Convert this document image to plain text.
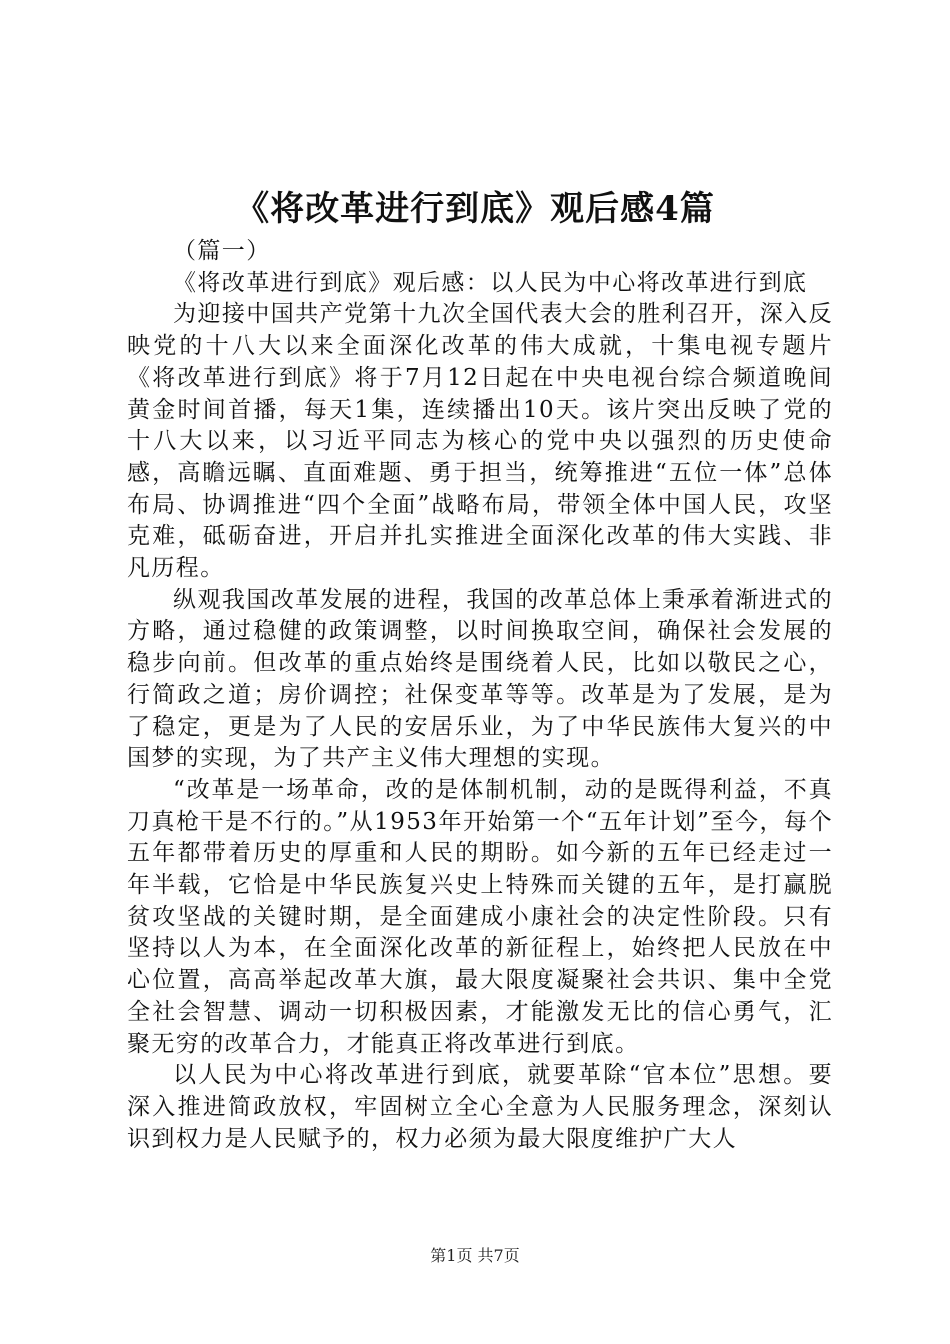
《将改革进行到底》观后感4篇

（篇一）

《将改革进行到底》观后感：以人民为中心将改革进行到底

为迎接中国共产党第十九次全国代表大会的胜利召开，深入反映党的十八大以来全面深化改革的伟大成就，十集电视专题片《将改革进行到底》将于7月12日起在中央电视台综合频道晚间黄金时间首播，每天1集，连续播出10天。该片突出反映了党的十八大以来，以习近平同志为核心的党中央以强烈的历史使命感，高瞻远瞩、直面难题、勇于担当，统筹推进“五位一体”总体布局、协调推进“四个全面”战略布局，带领全体中国人民，攻坚克难，砥砺奋进，开启并扎实推进全面深化改革的伟大实践、非凡历程。

纵观我国改革发展的进程，我国的改革总体上秉承着渐进式的方略，通过稳健的政策调整，以时间换取空间，确保社会发展的稳步向前。但改革的重点始终是围绕着人民，比如以敬民之心，行简政之道；房价调控；社保变革等等。改革是为了发展，是为了稳定，更是为了人民的安居乐业，为了中华民族伟大复兴的中国梦的实现，为了共产主义伟大理想的实现。

“改革是一场革命，改的是体制机制，动的是既得利益，不真刀真枪干是不行的。”从1953年开始第一个“五年计划”至今，每个五年都带着历史的厚重和人民的期盼。如今新的五年已经走过一年半载，它恰是中华民族复兴史上特殊而关键的五年，是打赢脱贫攻坚战的关键时期，是全面建成小康社会的决定性阶段。只有坚持以人为本，在全面深化改革的新征程上，始终把人民放在中心位置，高高举起改革大旗，最大限度凝聚社会共识、集中全党全社会智慧、调动一切积极因素，才能激发无比的信心勇气，汇聚无穷的改革合力，才能真正将改革进行到底。

以人民为中心将改革进行到底，就要革除“官本位”思想。要深入推进简政放权，牢固树立全心全意为人民服务理念，深刻认识到权力是人民赋予的，权力必须为最大限度维护广大人

第1页 共7页
